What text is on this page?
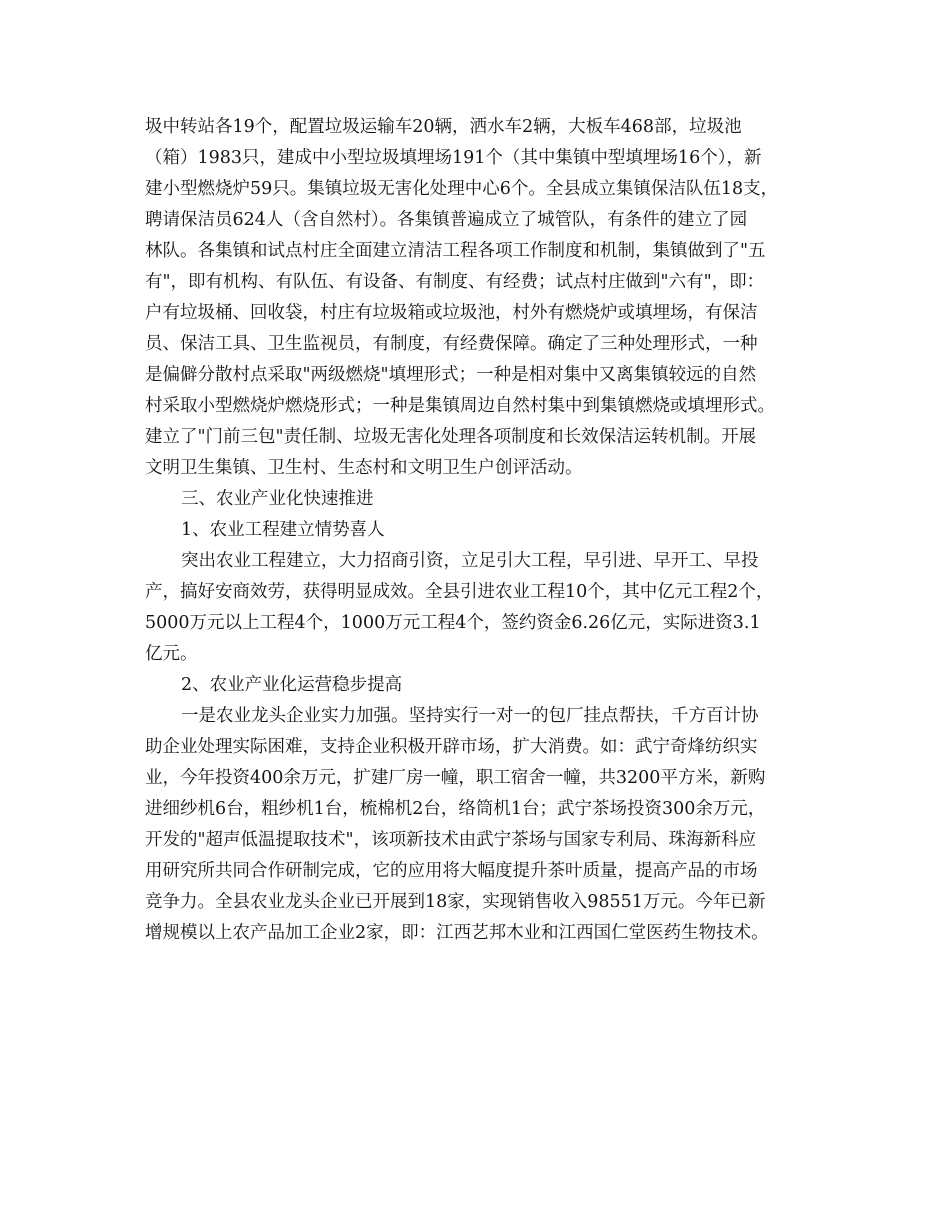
圾中转站各19个，配置垃圾运输车20辆，洒水车2辆，大板车468部，垃圾池
（箱）1983只，建成中小型垃圾填埋场191个（其中集镇中型填埋场16个），新
建小型燃烧炉59只。集镇垃圾无害化处理中心6个。全县成立集镇保洁队伍18支，
聘请保洁员624人（含自然村）。各集镇普遍成立了城管队，有条件的建立了园
林队。各集镇和试点村庄全面建立清洁工程各项工作制度和机制，集镇做到了"五
有"，即有机构、有队伍、有设备、有制度、有经费；试点村庄做到"六有"，即：
户有垃圾桶、回收袋，村庄有垃圾箱或垃圾池，村外有燃烧炉或填埋场，有保洁
员、保洁工具、卫生监视员，有制度，有经费保障。确定了三种处理形式，一种
是偏僻分散村点采取"两级燃烧"填埋形式；一种是相对集中又离集镇较远的自然
村采取小型燃烧炉燃烧形式；一种是集镇周边自然村集中到集镇燃烧或填埋形式。
建立了"门前三包"责任制、垃圾无害化处理各项制度和长效保洁运转机制。开展
文明卫生集镇、卫生村、生态村和文明卫生户创评活动。
三、农业产业化快速推进
1、农业工程建立情势喜人
突出农业工程建立，大力招商引资，立足引大工程，早引进、早开工、早投
产，搞好安商效劳，获得明显成效。全县引进农业工程10个，其中亿元工程2个，
5000万元以上工程4个，1000万元工程4个，签约资金6.26亿元，实际进资3.1
亿元。
2、农业产业化运营稳步提高
一是农业龙头企业实力加强。坚持实行一对一的包厂挂点帮扶，千方百计协
助企业处理实际困难，支持企业积极开辟市场，扩大消费。如：武宁奇烽纺织实
业，今年投资400余万元，扩建厂房一幢，职工宿舍一幢，共3200平方米，新购
进细纱机6台，粗纱机1台，梳棉机2台，络筒机1台；武宁茶场投资300余万元，
开发的"超声低温提取技术"，该项新技术由武宁茶场与国家专利局、珠海新科应
用研究所共同合作研制完成，它的应用将大幅度提升茶叶质量，提高产品的市场
竞争力。全县农业龙头企业已开展到18家，实现销售收入98551万元。今年已新
增规模以上农产品加工企业2家，即：江西艺邦木业和江西国仁堂医药生物技术。
